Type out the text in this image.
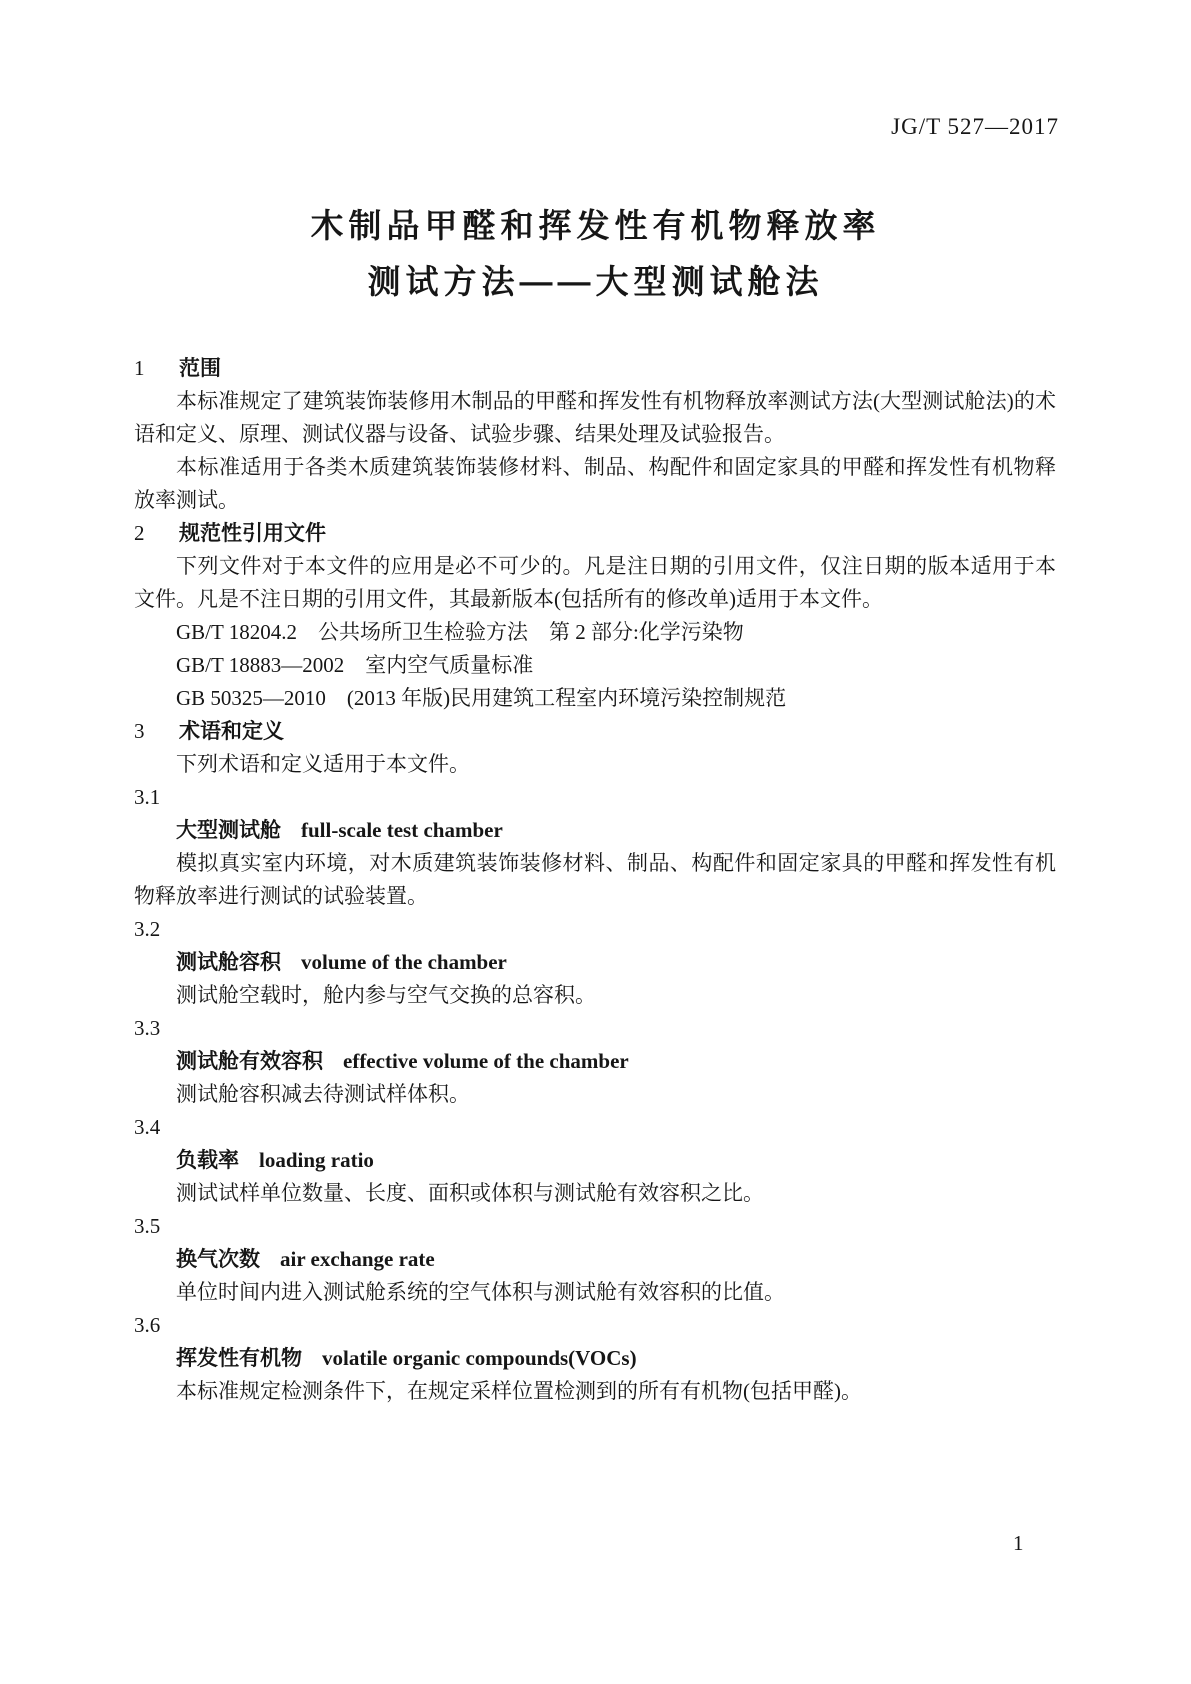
JG/T 527—2017
木制品甲醛和挥发性有机物释放率
测试方法——大型测试舱法

1 范围

本标准规定了建筑装饰装修用木制品的甲醛和挥发性有机物释放率测试方法(大型测试舱法)的术语和定义、原理、测试仪器与设备、试验步骤、结果处理及试验报告。

本标准适用于各类木质建筑装饰装修材料、制品、构配件和固定家具的甲醛和挥发性有机物释放率测试。

2 规范性引用文件

下列文件对于本文件的应用是必不可少的。凡是注日期的引用文件，仅注日期的版本适用于本文件。凡是不注日期的引用文件，其最新版本(包括所有的修改单)适用于本文件。

GB/T 18204.2　公共场所卫生检验方法　第 2 部分:化学污染物

GB/T 18883—2002　室内空气质量标准

GB 50325—2010　(2013 年版)民用建筑工程室内环境污染控制规范

3 术语和定义

下列术语和定义适用于本文件。

3.1

大型测试舱 full-scale test chamber

模拟真实室内环境，对木质建筑装饰装修材料、制品、构配件和固定家具的甲醛和挥发性有机物释放率进行测试的试验装置。

3.2

测试舱容积 volume of the chamber

测试舱空载时，舱内参与空气交换的总容积。

3.3

测试舱有效容积 effective volume of the chamber

测试舱容积减去待测试样体积。

3.4

负载率 loading ratio

测试试样单位数量、长度、面积或体积与测试舱有效容积之比。

3.5

换气次数 air exchange rate

单位时间内进入测试舱系统的空气体积与测试舱有效容积的比值。

3.6

挥发性有机物 volatile organic compounds(VOCs)

本标准规定检测条件下，在规定采样位置检测到的所有有机物(包括甲醛)。

1
